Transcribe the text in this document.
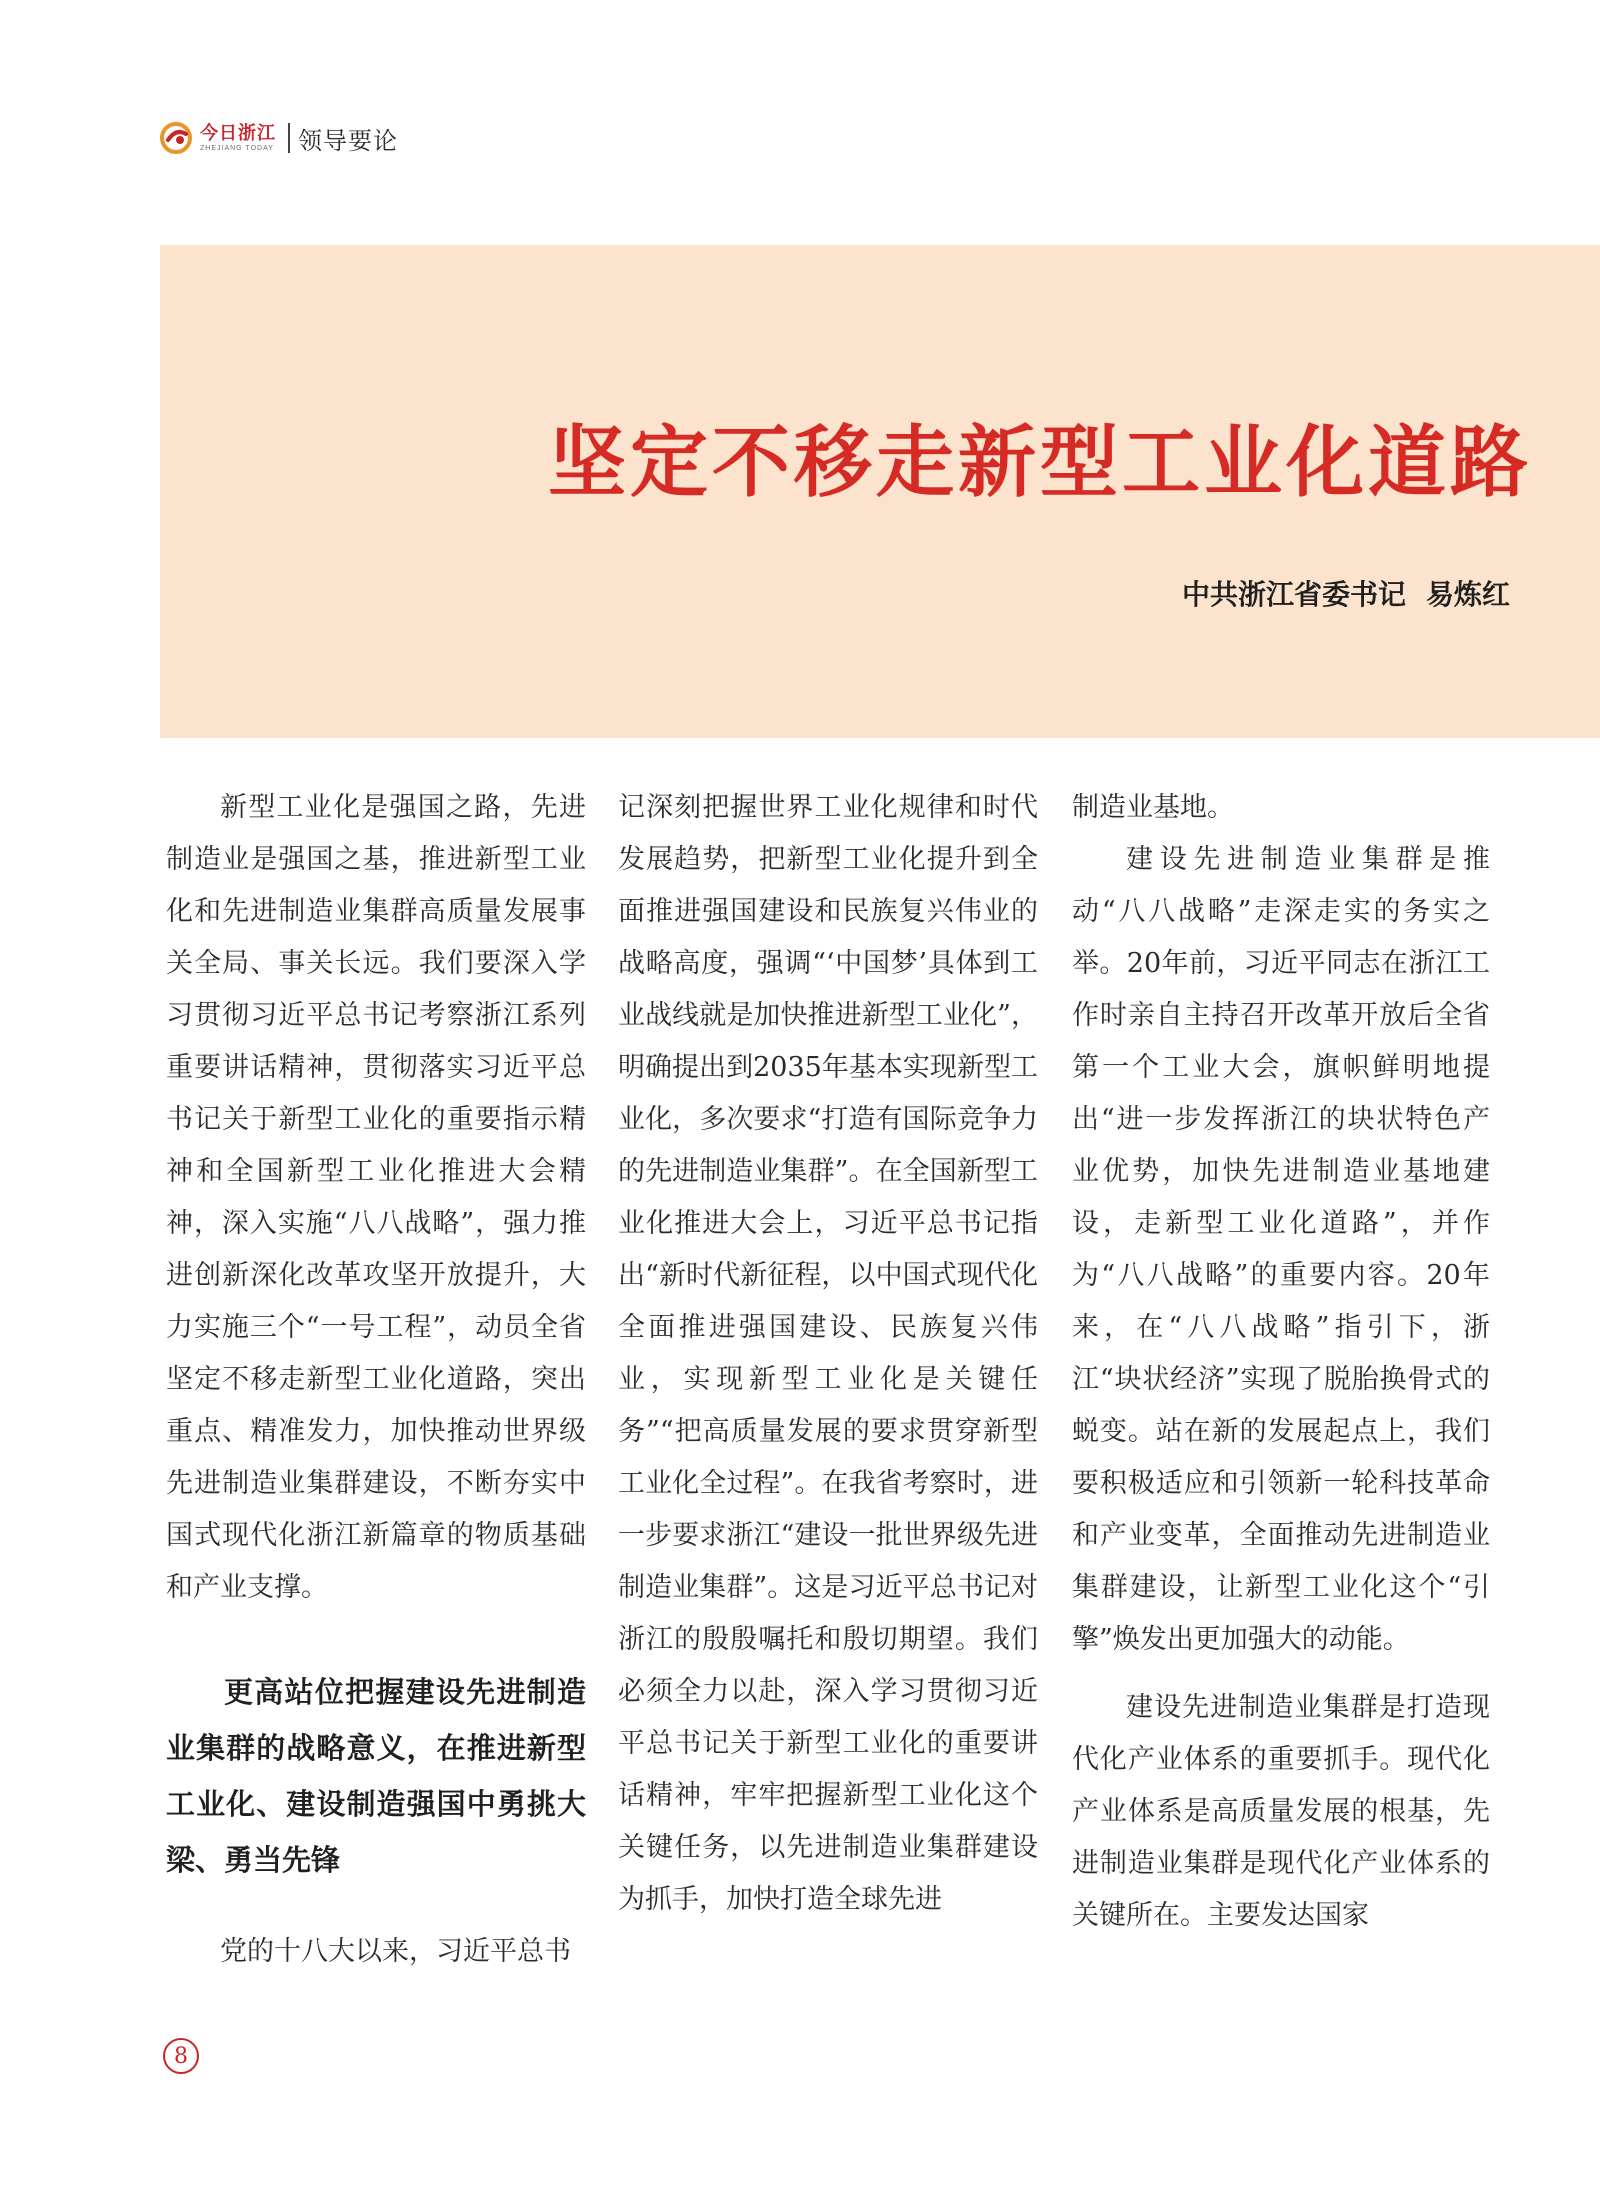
今日浙江
ZHEJIANG TODAY 领导要论
坚定不移走新型工业化道路
中共浙江省委书记 易炼红

新型工业化是强国之路，先进制造业是强国之基，推进新型工业化和先进制造业集群高质量发展事关全局、事关长远。我们要深入学习贯彻习近平总书记考察浙江系列重要讲话精神，贯彻落实习近平总书记关于新型工业化的重要指示精神和全国新型工业化推进大会精神，深入实施“八八战略”，强力推进创新深化改革攻坚开放提升，大力实施三个“一号工程”，动员全省坚定不移走新型工业化道路，突出重点、精准发力，加快推动世界级先进制造业集群建设，不断夯实中国式现代化浙江新篇章的物质基础和产业支撑。

更高站位把握建设先进制造业集群的战略意义，在推进新型工业化、建设制造强国中勇挑大梁、勇当先锋

党的十八大以来，习近平总书

记深刻把握世界工业化规律和时代发展趋势，把新型工业化提升到全面推进强国建设和民族复兴伟业的战略高度，强调“‘中国梦’具体到工业战线就是加快推进新型工业化”，明确提出到2035年基本实现新型工业化，多次要求“打造有国际竞争力的先进制造业集群”。在全国新型工业化推进大会上，习近平总书记指出“新时代新征程，以中国式现代化全面推进强国建设、民族复兴伟业，实现新型工业化是关键任务”“把高质量发展的要求贯穿新型工业化全过程”。在我省考察时，进一步要求浙江“建设一批世界级先进制造业集群”。这是习近平总书记对浙江的殷殷嘱托和殷切期望。我们必须全力以赴，深入学习贯彻习近平总书记关于新型工业化的重要讲话精神，牢牢把握新型工业化这个关键任务，以先进制造业集群建设为抓手，加快打造全球先进

制造业基地。

建设先进制造业集群是推动“八八战略”走深走实的务实之举。20年前，习近平同志在浙江工作时亲自主持召开改革开放后全省第一个工业大会，旗帜鲜明地提出“进一步发挥浙江的块状特色产业优势，加快先进制造业基地建设，走新型工业化道路”，并作为“八八战略”的重要内容。20年来，在“八八战略”指引下，浙江“块状经济”实现了脱胎换骨式的蜕变。站在新的发展起点上，我们要积极适应和引领新一轮科技革命和产业变革，全面推动先进制造业集群建设，让新型工业化这个“引擎”焕发出更加强大的动能。

建设先进制造业集群是打造现代化产业体系的重要抓手。现代化产业体系是高质量发展的根基，先进制造业集群是现代化产业体系的关键所在。主要发达国家

8
